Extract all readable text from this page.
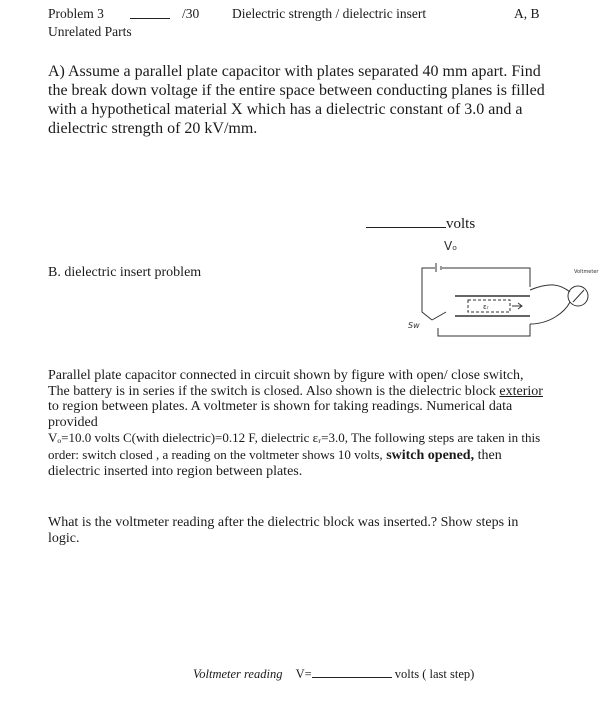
Problem 3	/30 Dielectric strength / dielectric insert	A, B
Unrelated Parts
A) Assume a parallel plate capacitor with plates separated 40 mm apart. Find the break down voltage if the entire space between conducting planes is filled with a hypothetical material X which has a dielectric constant of 3.0 and a dielectric strength of 20 kV/mm.
volts
B. dielectric insert problem
Vₒ
Sw
εᵣ
Voltmeter
Parallel plate capacitor connected in circuit shown by figure with open/ close switch, The battery is in series if the switch is closed. Also shown is the dielectric block exterior to region between plates. A voltmeter is shown for taking readings. Numerical data provided
Vₒ=10.0 volts C(with dielectric)=0.12 F, dielectric εᵣ=3.0, The following steps are taken in this order: switch closed , a reading on the voltmeter shows 10 volts, switch opened, then dielectric inserted into region between plates.
What is the voltmeter reading after the dielectric block was inserted.? Show steps in logic.
Voltmeter reading V=	volts ( last step)
